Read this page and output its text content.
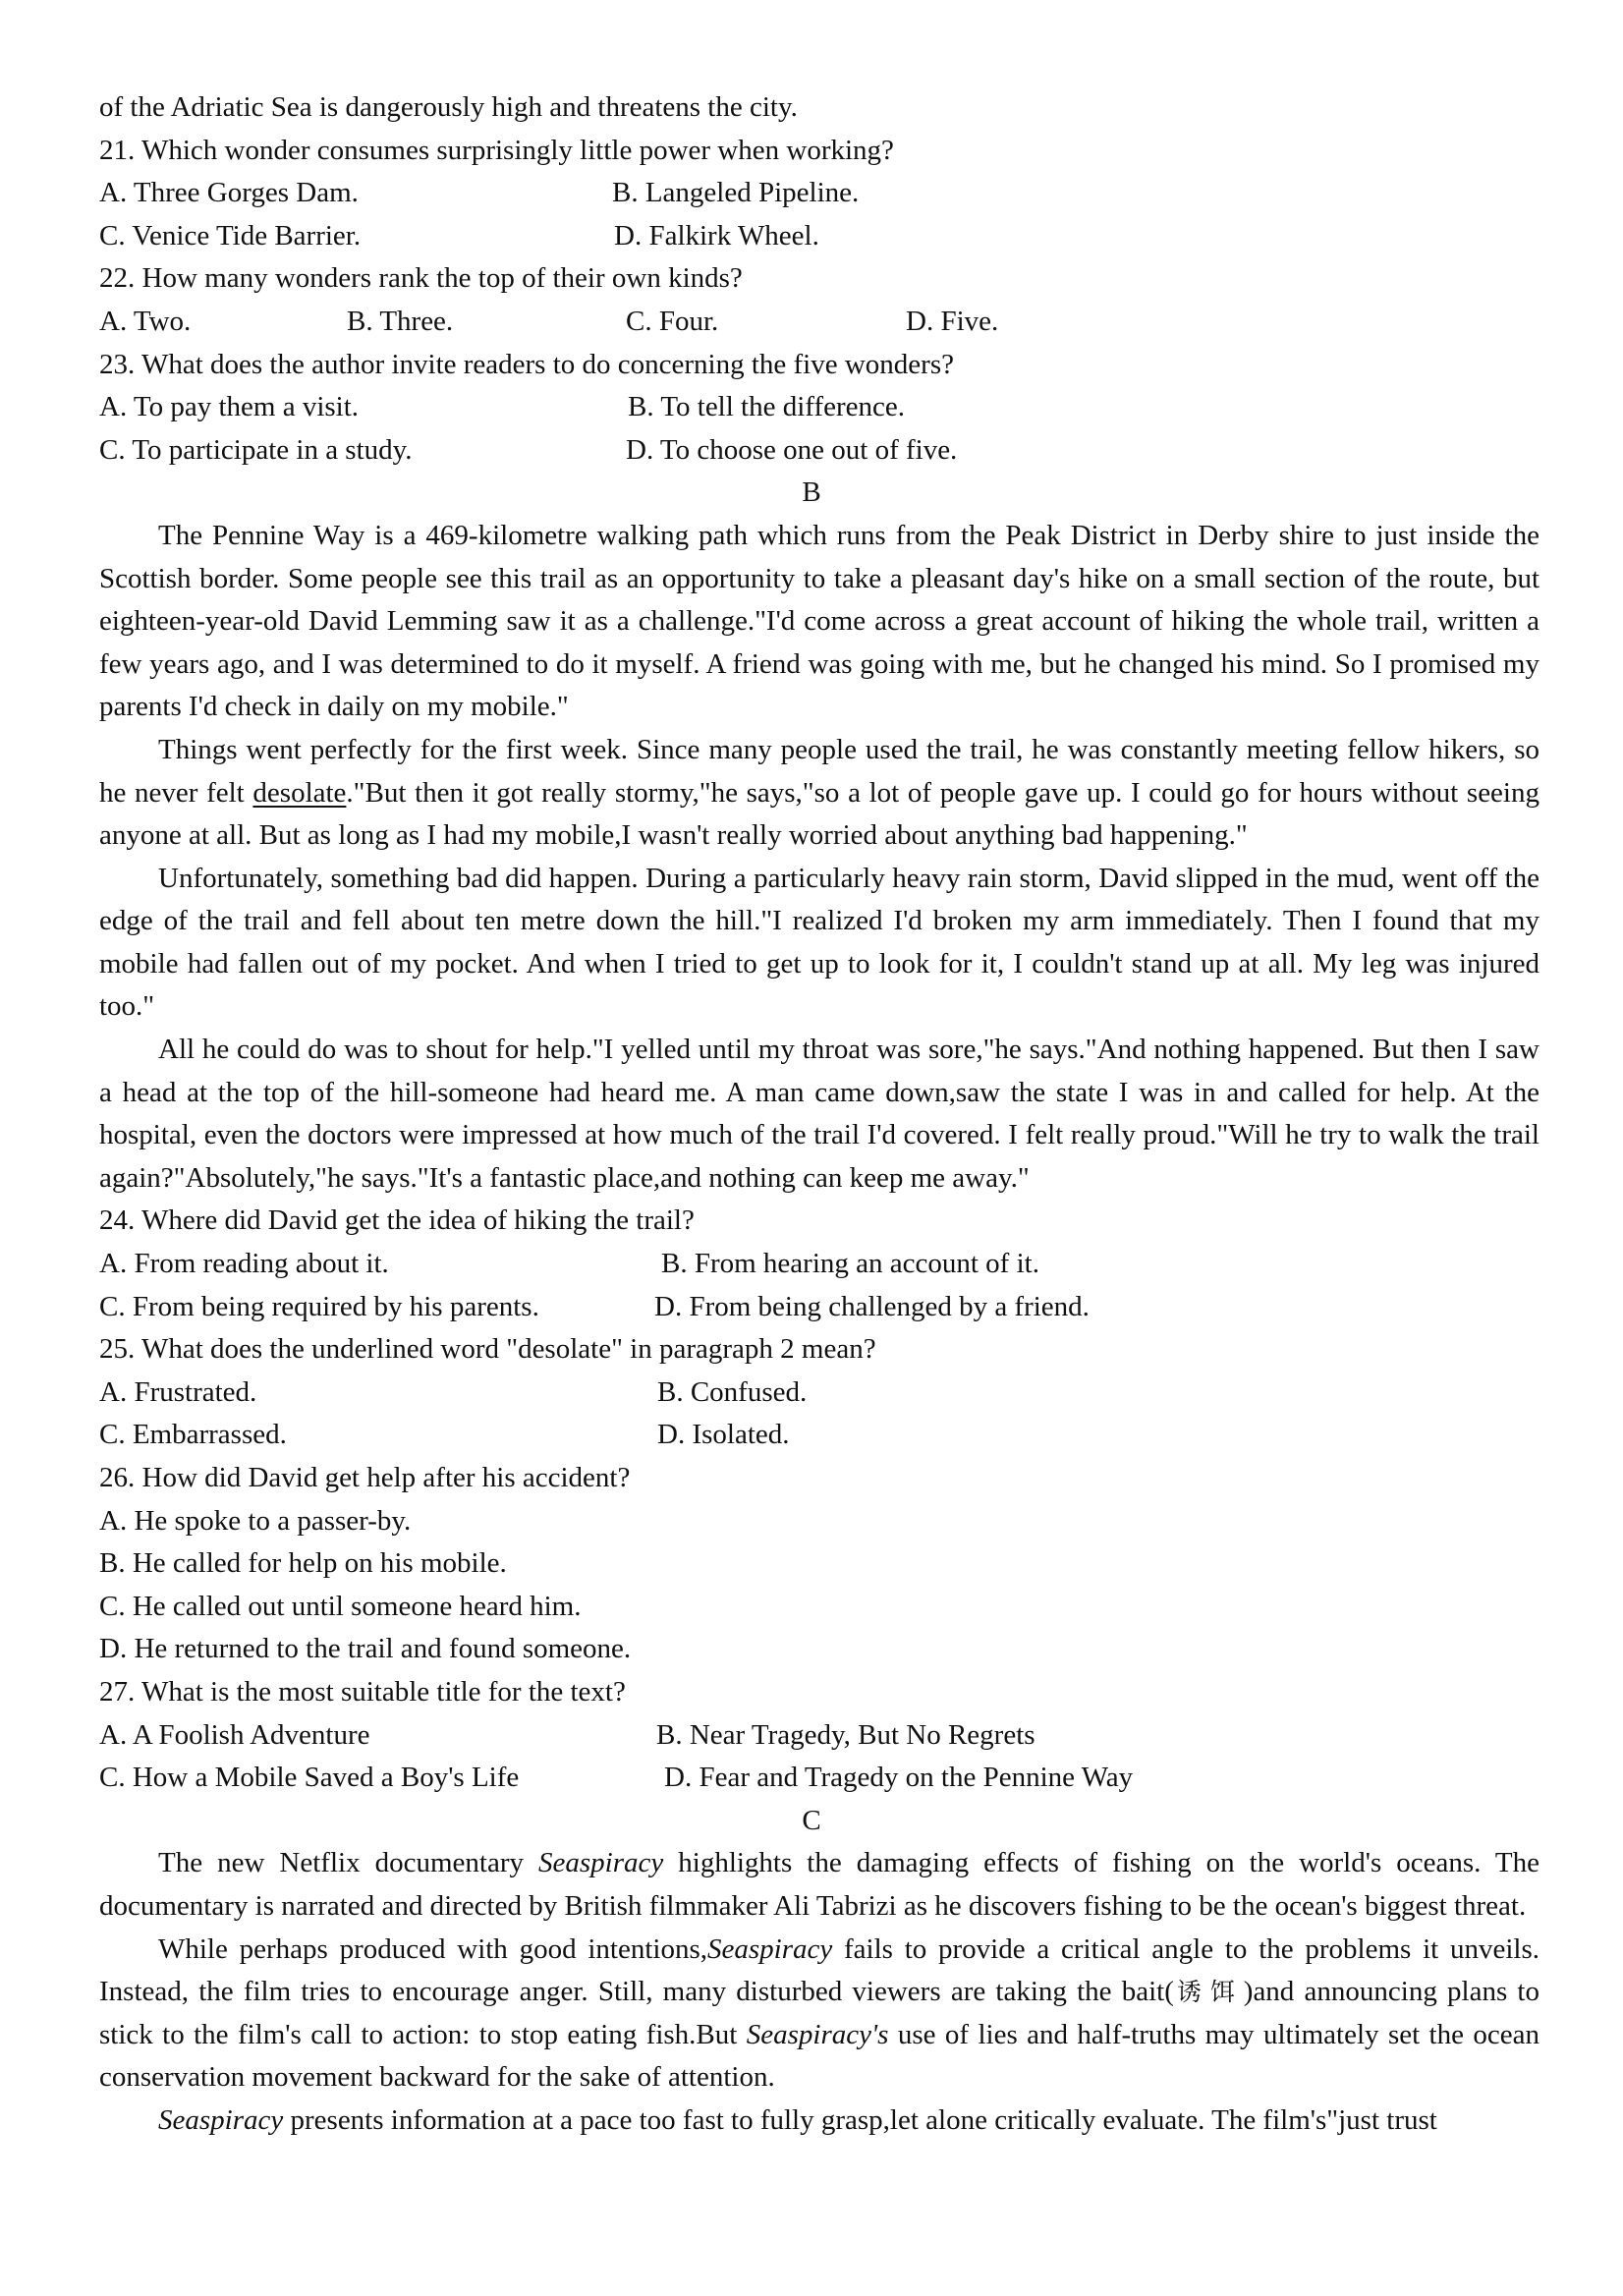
of the Adriatic Sea is dangerously high and threatens the city.
21. Which wonder consumes surprisingly little power when working?
A. Three Gorges Dam.	B. Langeled Pipeline.
C. Venice Tide Barrier.	D. Falkirk Wheel.
22. How many wonders rank the top of their own kinds?
A. Two.	B. Three.	C. Four.	D. Five.
23. What does the author invite readers to do concerning the five wonders?
A. To pay them a visit.	B. To tell the difference.
C. To participate in a study.	D. To choose one out of five.
B

The Pennine Way is a 469-kilometre walking path which runs from the Peak District in Derby shire to just inside the Scottish border. Some people see this trail as an opportunity to take a pleasant day's hike on a small section of the route, but eighteen-year-old David Lemming saw it as a challenge."I'd come across a great account of hiking the whole trail, written a few years ago, and I was determined to do it myself. A friend was going with me, but he changed his mind. So I promised my parents I'd check in daily on my mobile."

Things went perfectly for the first week. Since many people used the trail, he was constantly meeting fellow hikers, so he never felt desolate."But then it got really stormy,"he says,"so a lot of people gave up. I could go for hours without seeing anyone at all. But as long as I had my mobile,I wasn't really worried about anything bad happening."

Unfortunately, something bad did happen. During a particularly heavy rain storm, David slipped in the mud, went off the edge of the trail and fell about ten metre down the hill."I realized I'd broken my arm immediately. Then I found that my mobile had fallen out of my pocket. And when I tried to get up to look for it, I couldn't stand up at all. My leg was injured too."

All he could do was to shout for help."I yelled until my throat was sore,"he says."And nothing happened. But then I saw a head at the top of the hill-someone had heard me. A man came down,saw the state I was in and called for help. At the hospital, even the doctors were impressed at how much of the trail I'd covered. I felt really proud."Will he try to walk the trail again?"Absolutely,"he says."It's a fantastic place,and nothing can keep me away."

24. Where did David get the idea of hiking the trail?
A. From reading about it.	B. From hearing an account of it.
C. From being required by his parents.	D. From being challenged by a friend.
25. What does the underlined word "desolate" in paragraph 2 mean?
A. Frustrated.	B. Confused.
C. Embarrassed.	D. Isolated.
26. How did David get help after his accident?
A. He spoke to a passer-by.
B. He called for help on his mobile.
C. He called out until someone heard him.
D. He returned to the trail and found someone.
27. What is the most suitable title for the text?
A. A Foolish Adventure	B. Near Tragedy, But No Regrets
C. How a Mobile Saved a Boy's Life	D. Fear and Tragedy on the Pennine Way
C

The new Netflix documentary Seaspiracy highlights the damaging effects of fishing on the world's oceans. The documentary is narrated and directed by British filmmaker Ali Tabrizi as he discovers fishing to be the ocean's biggest threat.

While perhaps produced with good intentions,Seaspiracy fails to provide a critical angle to the problems it unveils. Instead, the film tries to encourage anger. Still, many disturbed viewers are taking the bait(诱饵)and announcing plans to stick to the film's call to action: to stop eating fish.But Seaspiracy's use of lies and half-truths may ultimately set the ocean conservation movement backward for the sake of attention.

Seaspiracy presents information at a pace too fast to fully grasp,let alone critically evaluate. The film's"just trust
